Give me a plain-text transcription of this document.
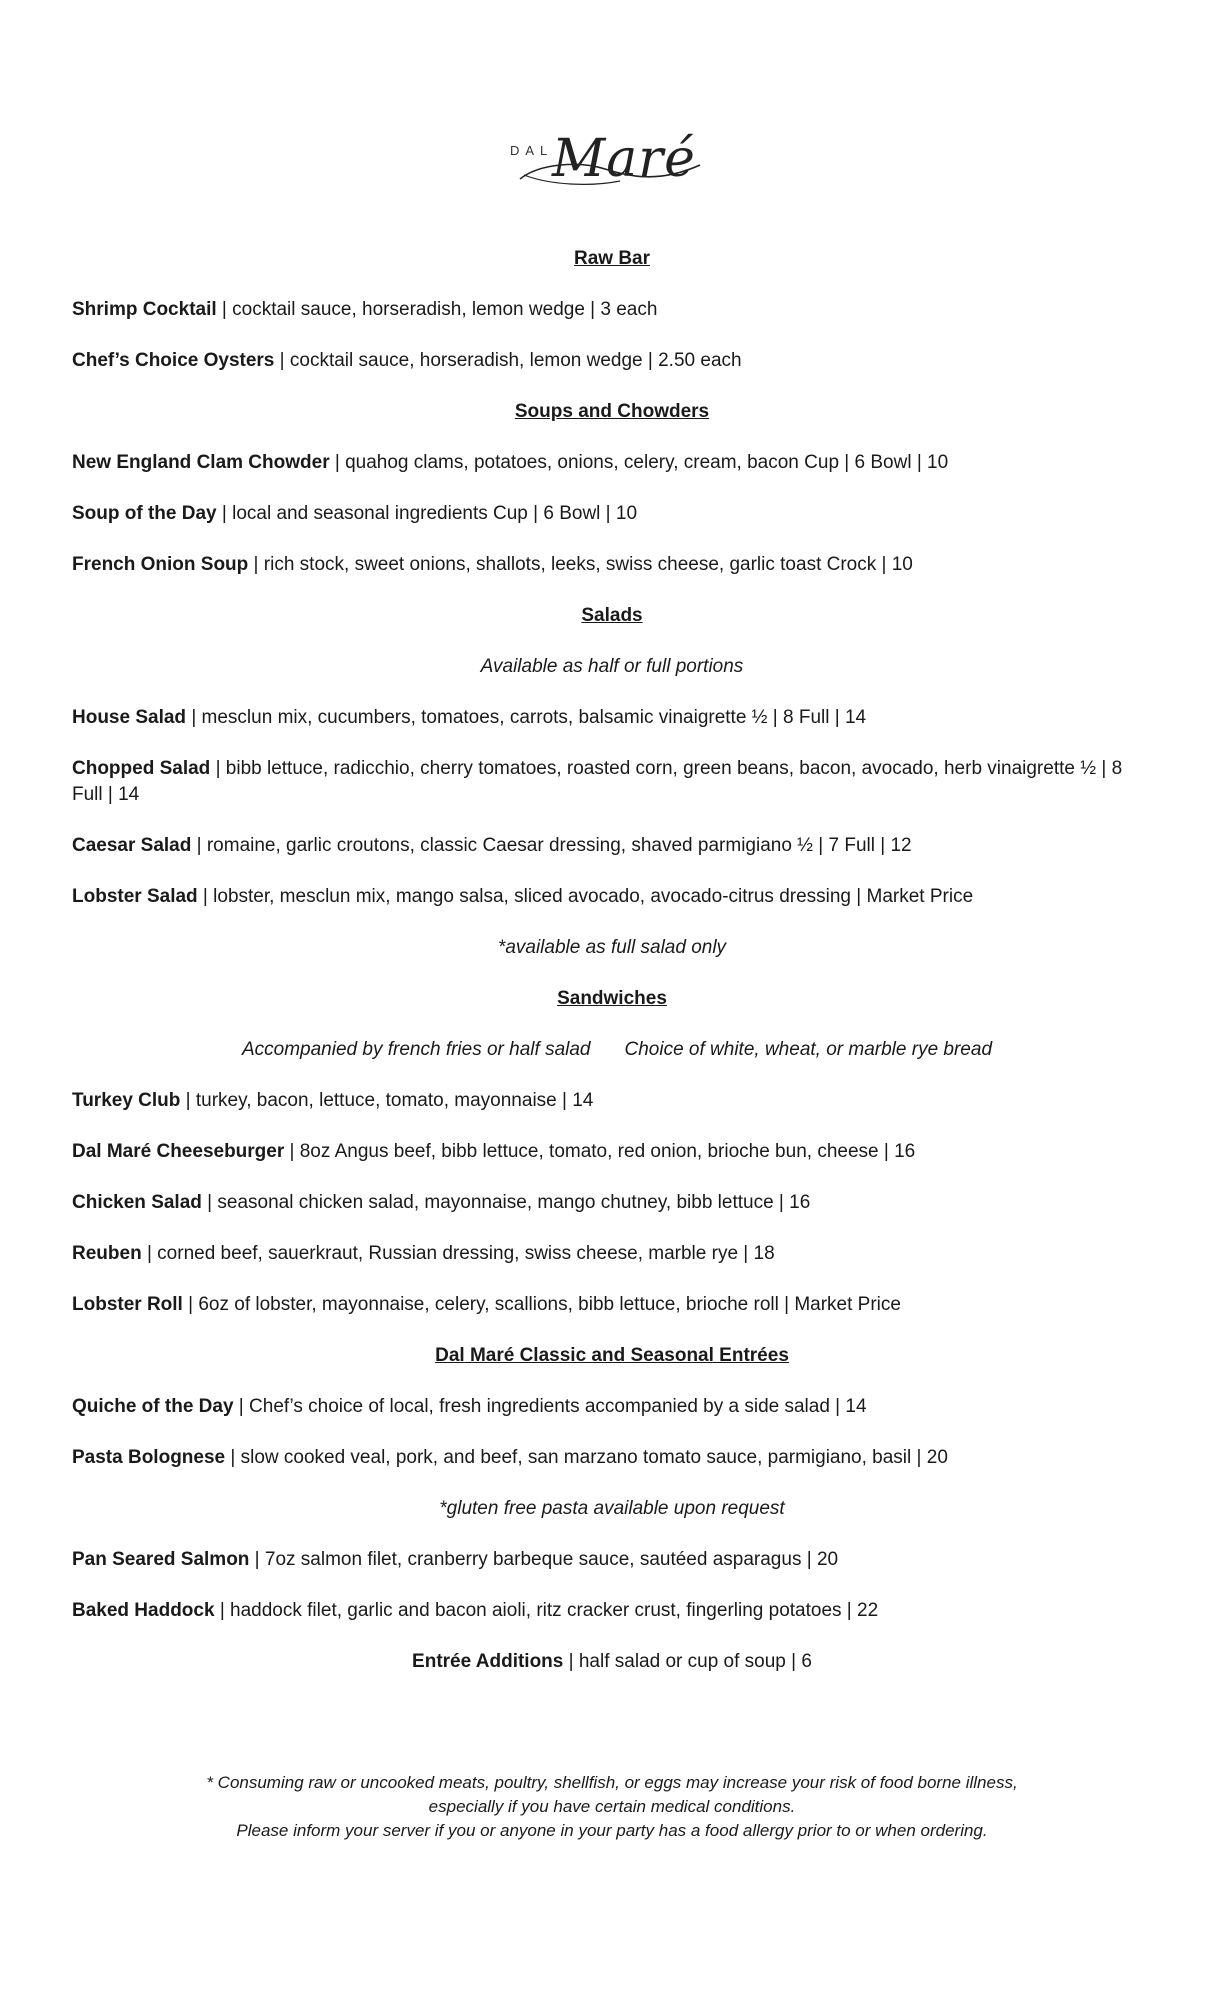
DAL
Maré
Raw Bar
Shrimp Cocktail | cocktail sauce, horseradish, lemon wedge | 3 each
Chef’s Choice Oysters | cocktail sauce, horseradish, lemon wedge | 2.50 each
Soups and Chowders
New England Clam Chowder | quahog clams, potatoes, onions, celery, cream, bacon Cup | 6 Bowl | 10
Soup of the Day | local and seasonal ingredients Cup | 6 Bowl | 10
French Onion Soup | rich stock, sweet onions, shallots, leeks, swiss cheese, garlic toast Crock | 10
Salads
Available as half or full portions
House Salad | mesclun mix, cucumbers, tomatoes, carrots, balsamic vinaigrette ½ | 8 Full | 14
Chopped Salad | bibb lettuce, radicchio, cherry tomatoes, roasted corn, green beans, bacon, avocado, herb vinaigrette ½ | 8 Full | 14
Caesar Salad | romaine, garlic croutons, classic Caesar dressing, shaved parmigiano ½ | 7 Full | 12
Lobster Salad | lobster, mesclun mix, mango salsa, sliced avocado, avocado-citrus dressing | Market Price
*available as full salad only
Sandwiches
Accompanied by french fries or half salad Choice of white, wheat, or marble rye bread
Turkey Club | turkey, bacon, lettuce, tomato, mayonnaise | 14
Dal Maré Cheeseburger | 8oz Angus beef, bibb lettuce, tomato, red onion, brioche bun, cheese | 16
Chicken Salad | seasonal chicken salad, mayonnaise, mango chutney, bibb lettuce | 16
Reuben | corned beef, sauerkraut, Russian dressing, swiss cheese, marble rye | 18
Lobster Roll | 6oz of lobster, mayonnaise, celery, scallions, bibb lettuce, brioche roll | Market Price
Dal Maré Classic and Seasonal Entrées
Quiche of the Day | Chef’s choice of local, fresh ingredients accompanied by a side salad | 14
Pasta Bolognese | slow cooked veal, pork, and beef, san marzano tomato sauce, parmigiano, basil | 20
*gluten free pasta available upon request
Pan Seared Salmon | 7oz salmon filet, cranberry barbeque sauce, sautéed asparagus | 20
Baked Haddock | haddock filet, garlic and bacon aioli, ritz cracker crust, fingerling potatoes | 22
Entrée Additions | half salad or cup of soup | 6
* Consuming raw or uncooked meats, poultry, shellfish, or eggs may increase your risk of food borne illness,
especially if you have certain medical conditions.
Please inform your server if you or anyone in your party has a food allergy prior to or when ordering.
